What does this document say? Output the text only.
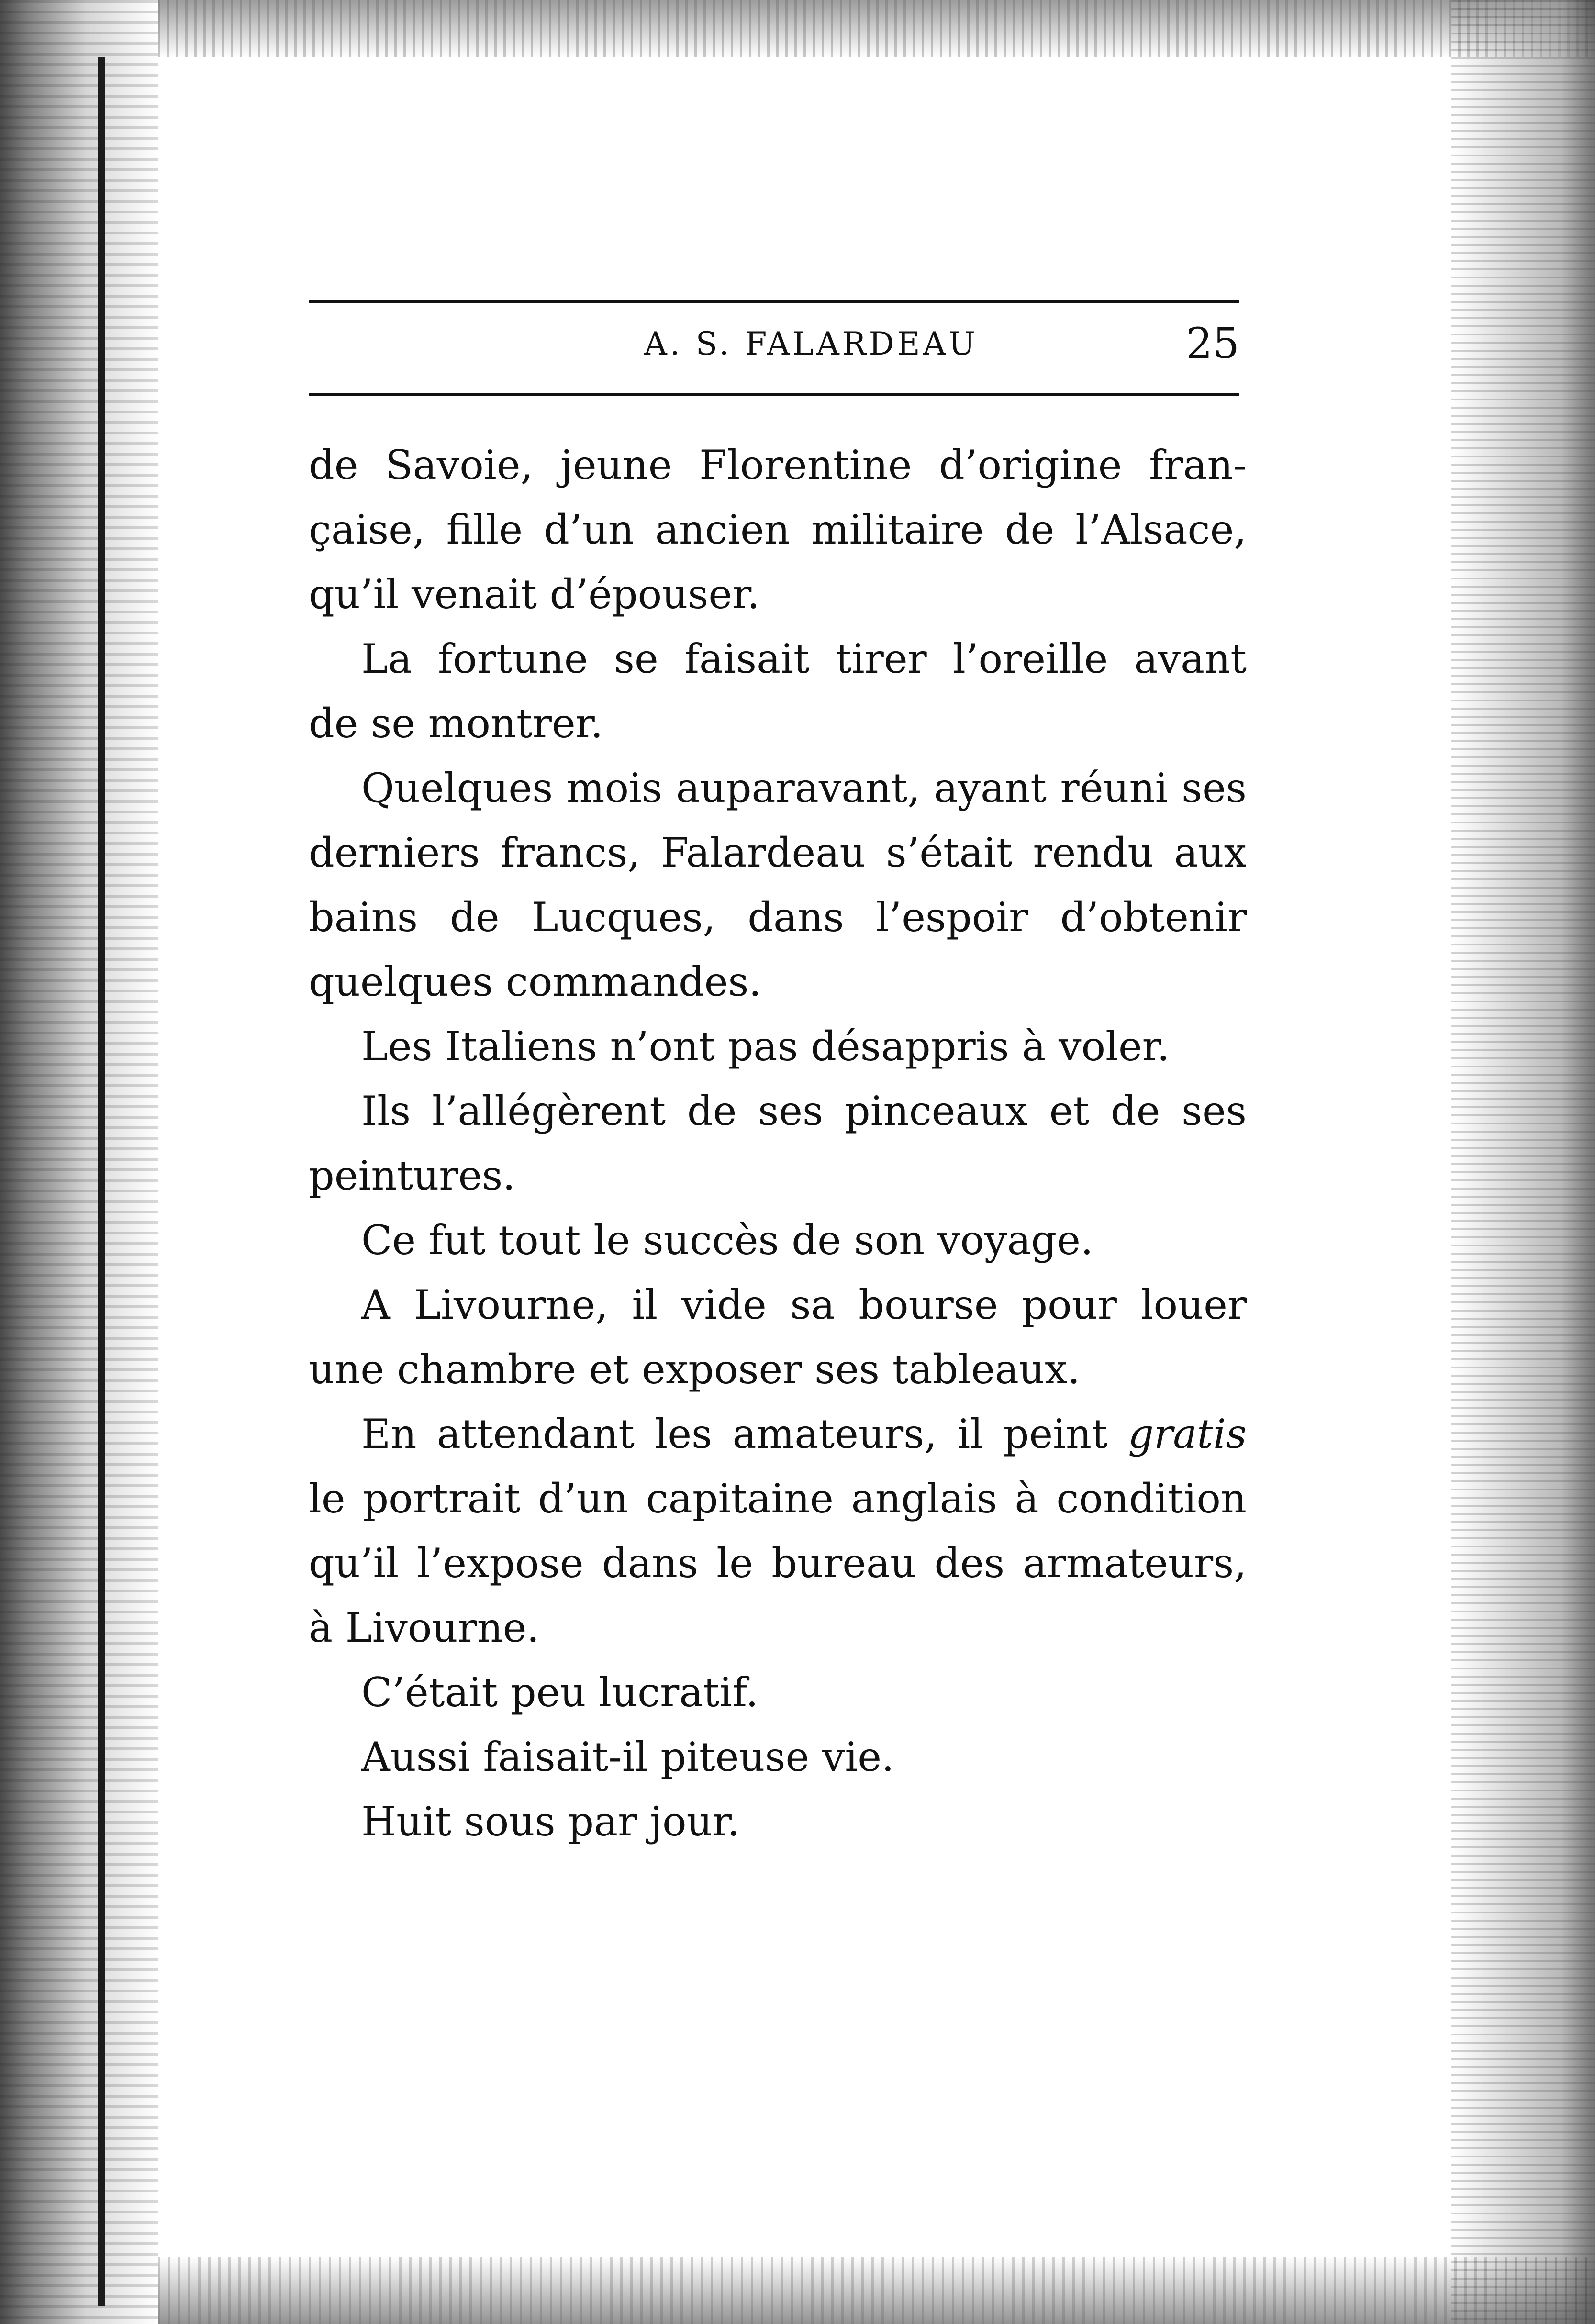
A. S. FALARDEAU	25
de Savoie, jeune Florentine d’origine fran-
çaise, fille d’un ancien militaire de l’Alsace,
qu’il venait d’épouser.
La fortune se faisait tirer l’oreille avant
de se montrer.
Quelques mois auparavant, ayant réuni ses
derniers francs, Falardeau s’était rendu aux
bains de Lucques, dans l’espoir d’obtenir
quelques commandes.
Les Italiens n’ont pas désappris à voler.
Ils l’allégèrent de ses pinceaux et de ses
peintures.
Ce fut tout le succès de son voyage.
A Livourne, il vide sa bourse pour louer
une chambre et exposer ses tableaux.
En attendant les amateurs, il peint gratis
le portrait d’un capitaine anglais à condition
qu’il l’expose dans le bureau des armateurs,
à Livourne.
C’était peu lucratif.
Aussi faisait-il piteuse vie.
Huit sous par jour.
